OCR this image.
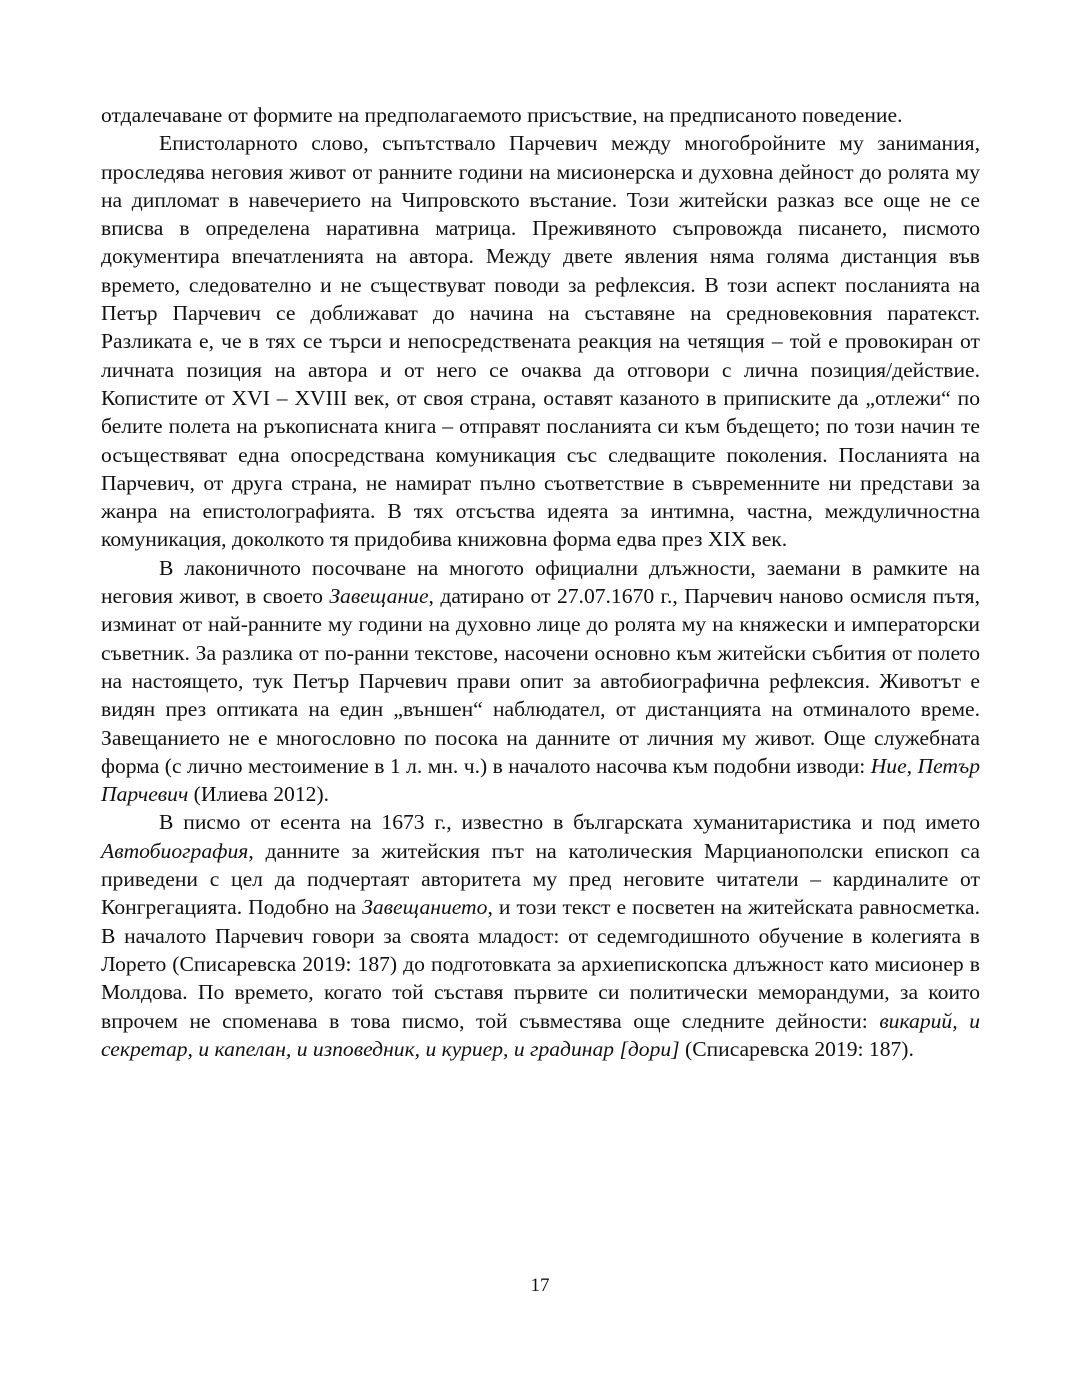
отдалечаване от формите на предполагаемото присъствие, на предписаното поведение.

Епистоларното слово, съпътствало Парчевич между многобройните му занимания, проследява неговия живот от ранните години на мисионерска и духовна дейност до ролята му на дипломат в навечерието на Чипровското въстание. Този житейски разказ все още не се вписва в определена наративна матрица. Преживяното съпровожда писането, писмото документира впечатленията на автора. Между двете явления няма голяма дистанция във времето, следователно и не съществуват поводи за рефлексия. В този аспект посланията на Петър Парчевич се доближават до начина на съставяне на средновековния паратекст. Разликата е, че в тях се търси и непосредствената реакция на четящия – той е провокиран от личната позиция на автора и от него се очаква да отговори с лична позиция/действие. Копистите от XVI – XVIII век, от своя страна, оставят казаното в приписките да „отлежи“ по белите полета на ръкописната книга – отправят посланията си към бъдещето; по този начин те осъществяват една опосредствана комуникация със следващите поколения. Посланията на Парчевич, от друга страна, не намират пълно съответствие в съвременните ни представи за жанра на епистолографията. В тях отсъства идеята за интимна, частна, междуличностна комуникация, доколкото тя придобива книжовна форма едва през XIX век.

В лаконичното посочване на многото официални длъжности, заемани в рамките на неговия живот, в своето Завещание, датирано от 27.07.1670 г., Парчевич наново осмисля пътя, изминат от най-ранните му години на духовно лице до ролята му на княжески и императорски съветник. За разлика от по-ранни текстове, насочени основно към житейски събития от полето на настоящето, тук Петър Парчевич прави опит за автобиографична рефлексия. Животът е видян през оптиката на един „външен“ наблюдател, от дистанцията на отминалото време. Завещанието не е многословно по посока на данните от личния му живот. Още служебната форма (с лично местоимение в 1 л. мн. ч.) в началото насочва към подобни изводи: Ние, Петър Парчевич (Илиева 2012).

В писмо от есента на 1673 г., известно в българската хуманитаристика и под името Автобиография, данните за житейския път на католическия Марцианополски епископ са приведени с цел да подчертаят авторитета му пред неговите читатели – кардиналите от Конгрегацията. Подобно на Завещанието, и този текст е посветен на житейската равносметка. В началото Парчевич говори за своята младост: от седемгодишното обучение в колегията в Лорето (Списаревска 2019: 187) до подготовката за архиепископска длъжност като мисионер в Молдова. По времето, когато той съставя първите си политически меморандуми, за които впрочем не споменава в това писмо, той съвместява още следните дейности: викарий, и секретар, и капелан, и изповедник, и куриер, и градинар [дори] (Списаревска 2019: 187).

17
